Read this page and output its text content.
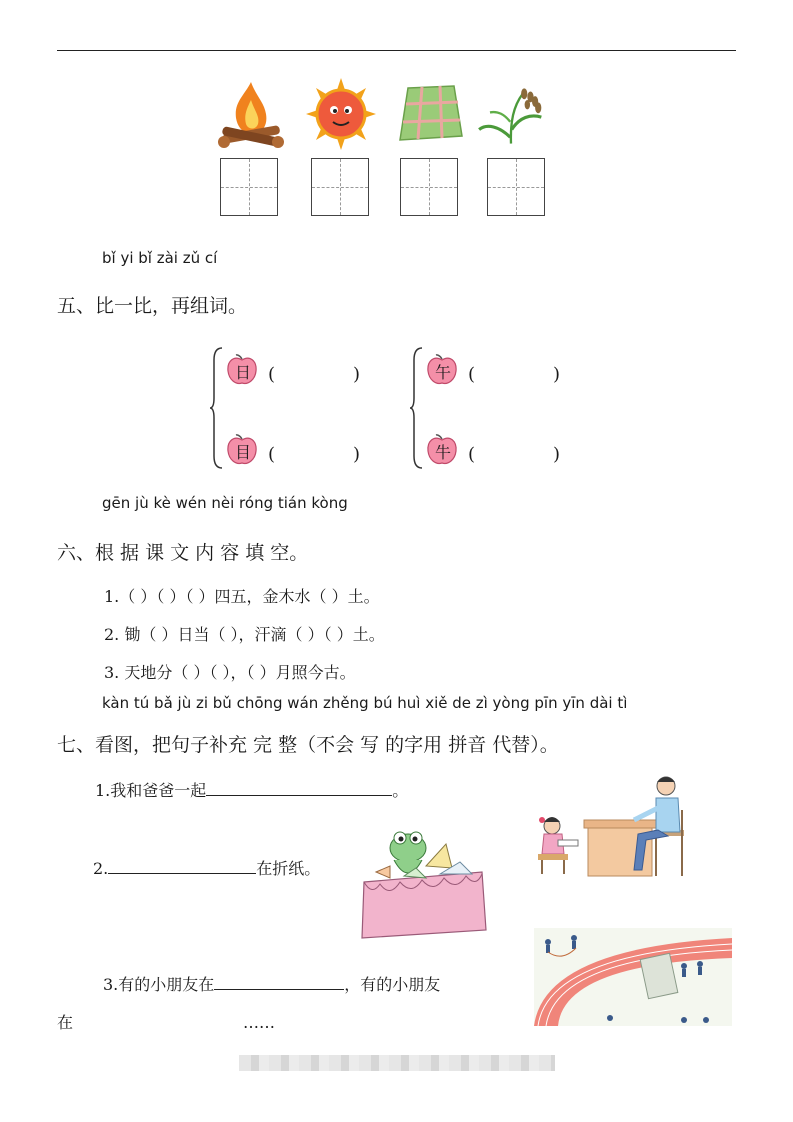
bǐ yi bǐ zài zǔ cí
五、比一比，再组词。
日 (	)
目 (	)
午 (	)
牛 (	)
gēn jù kè wén nèi róng tián kòng
六、根 据 课 文 内 容 填 空。
1.（ ）（ ）（ ）四五，金木水（ ）土。
2. 锄（ ）日当（ ），汗滴（ ）（ ）土。
3. 天地分（ ）（ ），（ ）月照今古。
kàn tú bǎ jù zi bǔ chōng wán zhěng bú huì xiě de zì yòng pīn yīn dài tì
七、看图，把句子补充 完 整（不会 写 的字用 拼音 代替）。
1.我和爸爸一起	。
2.	在折纸。
3.有的小朋友在	，有的小朋友
在	……
